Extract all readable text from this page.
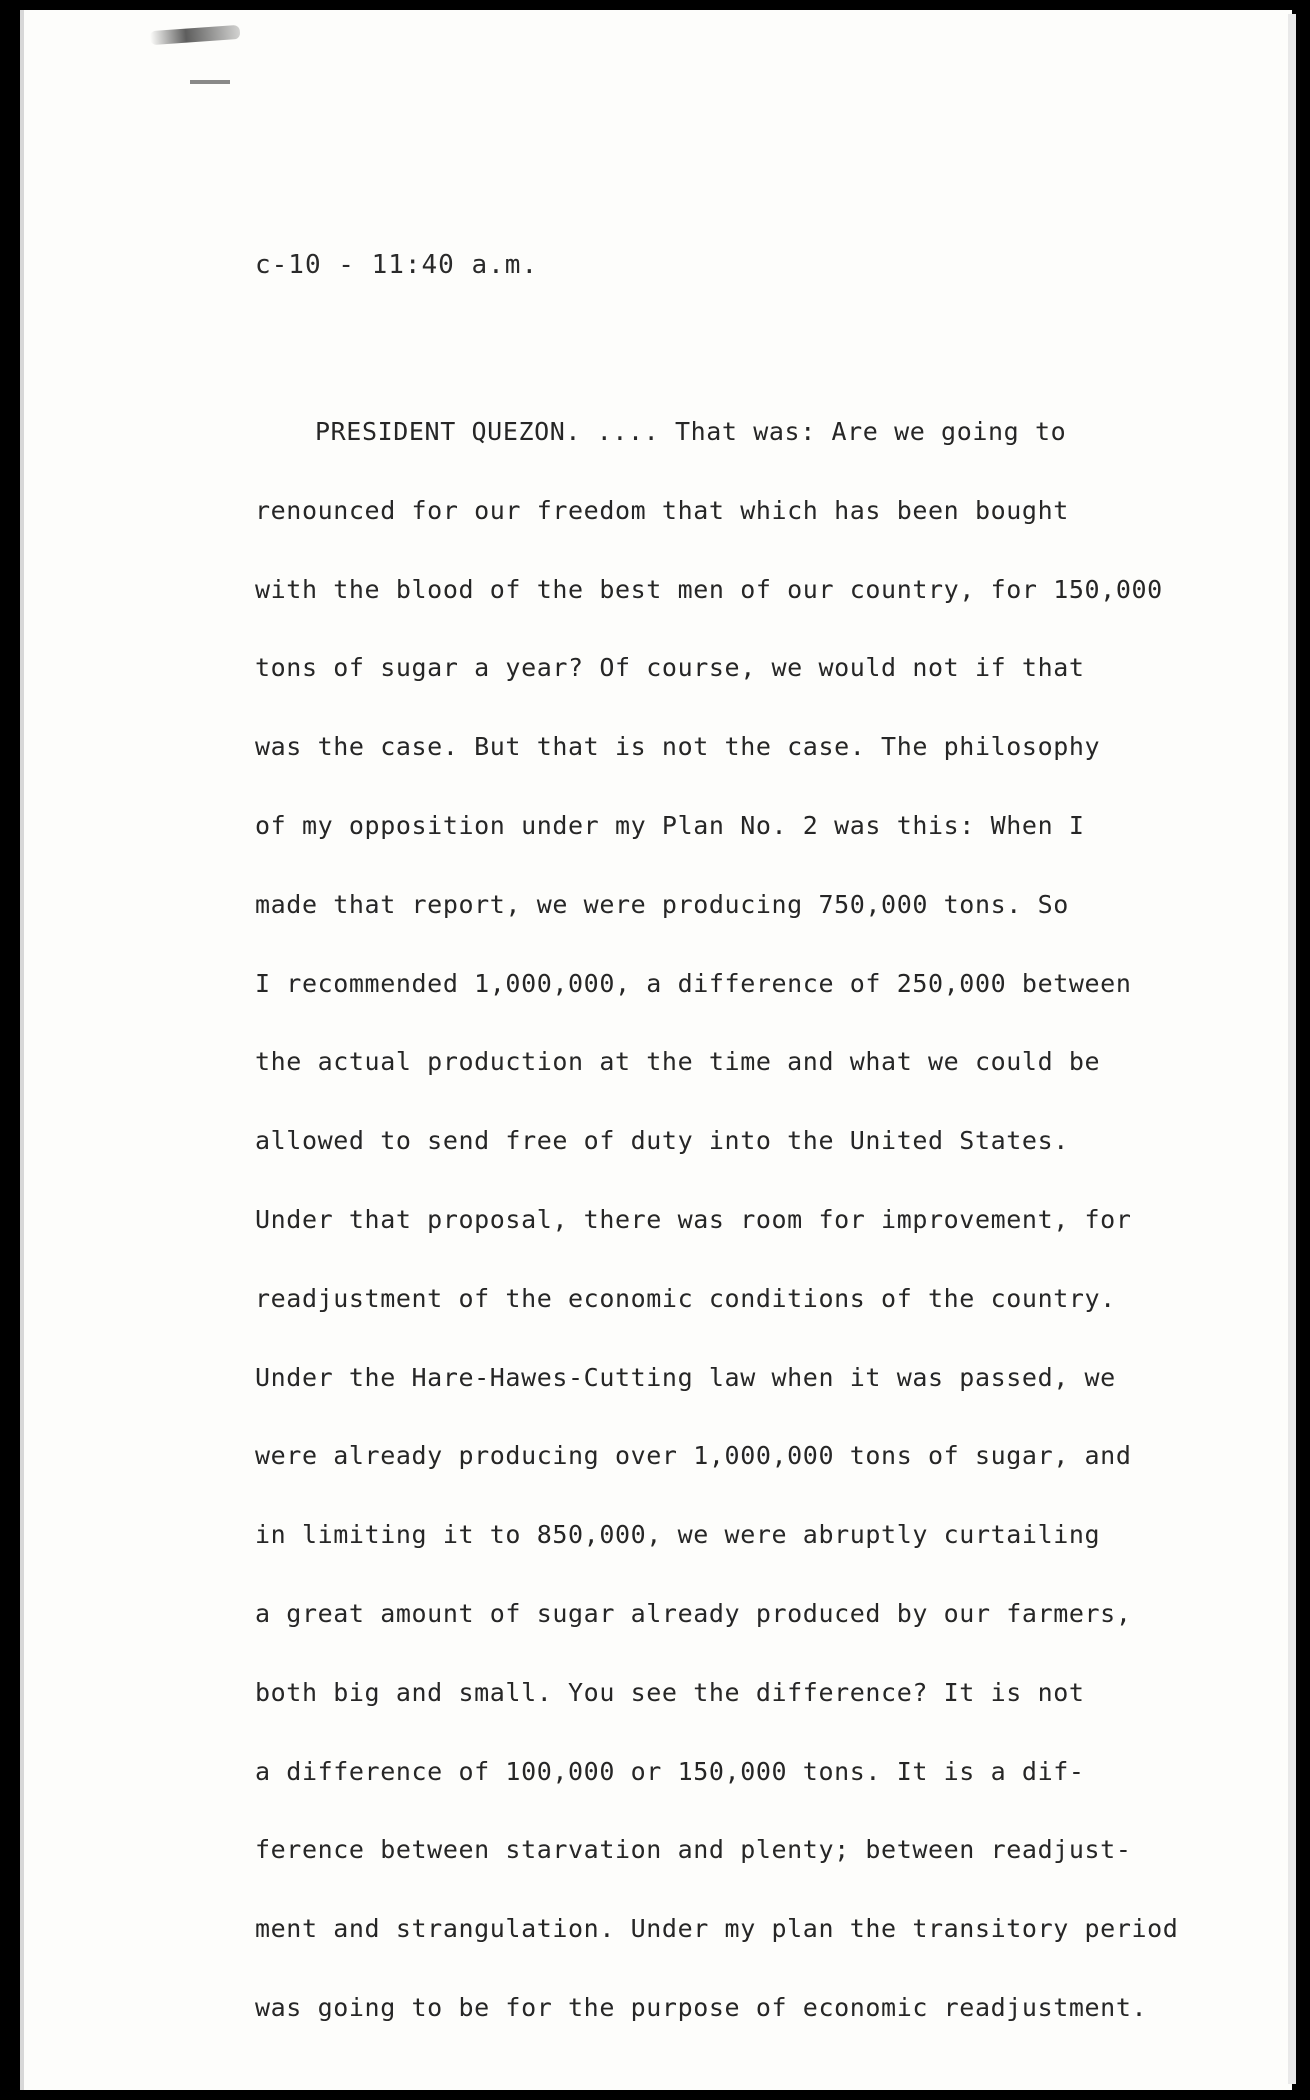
c-10 - 11:40 a.m.
PRESIDENT QUEZON. .... That was: Are we going to
renounced for our freedom that which has been bought
with the blood of the best men of our country, for 150,000
tons of sugar a year? Of course, we would not if that
was the case. But that is not the case. The philosophy
of my opposition under my Plan No. 2 was this: When I
made that report, we were producing 750,000 tons. So
I recommended 1,000,000, a difference of 250,000 between
the actual production at the time and what we could be
allowed to send free of duty into the United States.
Under that proposal, there was room for improvement, for
readjustment of the economic conditions of the country.
Under the Hare-Hawes-Cutting law when it was passed, we
were already producing over 1,000,000 tons of sugar, and
in limiting it to 850,000, we were abruptly curtailing
a great amount of sugar already produced by our farmers,
both big and small. You see the difference? It is not
a difference of 100,000 or 150,000 tons. It is a dif-
ference between starvation and plenty; between readjust-
ment and strangulation. Under my plan the transitory period
was going to be for the purpose of economic readjustment.
